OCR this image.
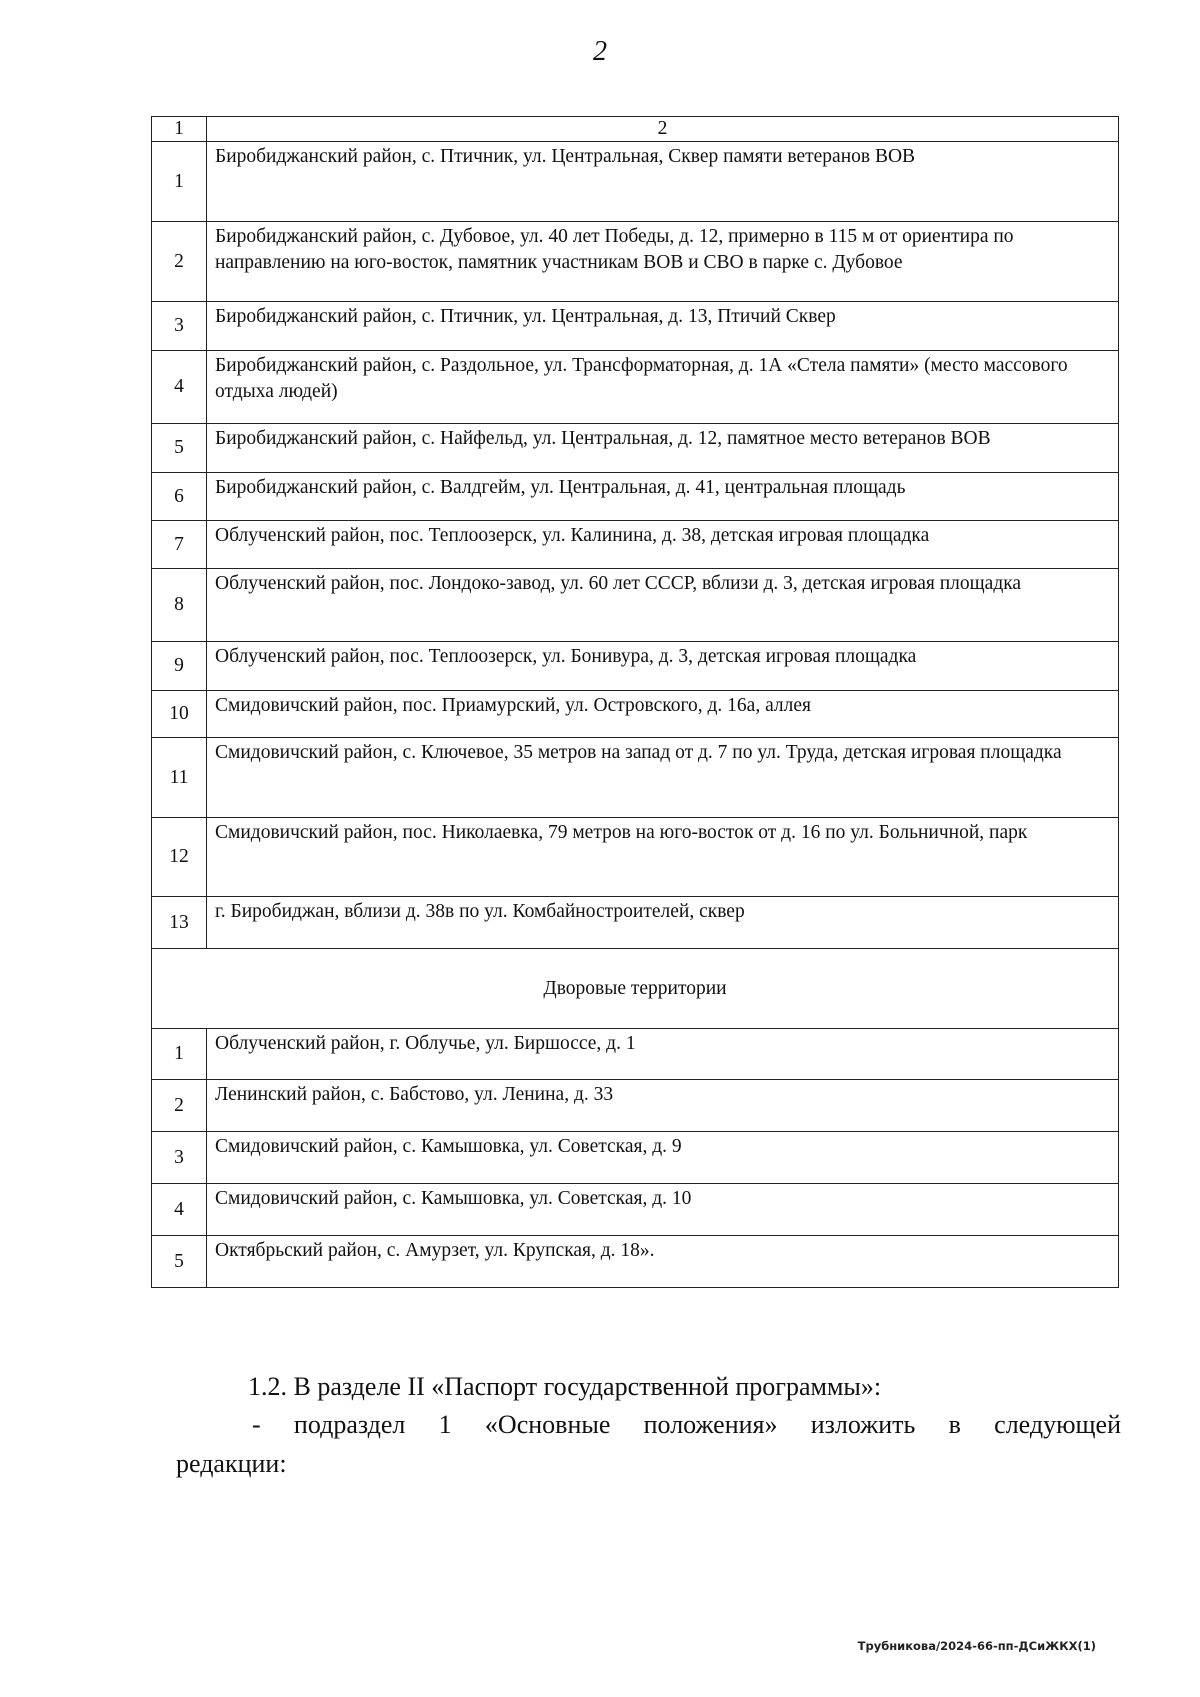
2
1	2
1	Биробиджанский район, с. Птичник, ул. Центральная, Сквер памяти ветеранов ВОВ
2	Биробиджанский район, с. Дубовое, ул. 40 лет Победы, д. 12, примерно в 115 м от ориентира по направлению на юго-восток, памятник участникам ВОВ и СВО в парке с. Дубовое
3	Биробиджанский район, с. Птичник, ул. Центральная, д. 13, Птичий Сквер
4	Биробиджанский район, с. Раздольное, ул. Трансформаторная, д. 1А «Стела памяти» (место массового отдыха людей)
5	Биробиджанский район, с. Найфельд, ул. Центральная, д. 12, памятное место ветеранов ВОВ
6	Биробиджанский район, с. Валдгейм, ул. Центральная, д. 41, центральная площадь
7	Облученский район, пос. Теплоозерск, ул. Калинина, д. 38, детская игровая площадка
8	Облученский район, пос. Лондоко-завод, ул. 60 лет СССР, вблизи д. 3, детская игровая площадка
9	Облученский район, пос. Теплоозерск, ул. Бонивура, д. 3, детская игровая площадка
10	Смидовичский район, пос. Приамурский, ул. Островского, д. 16а, аллея
11	Смидовичский район, с. Ключевое, 35 метров на запад от д. 7 по ул. Труда, детская игровая площадка
12	Смидовичский район, пос. Николаевка, 79 метров на юго-восток от д. 16 по ул. Больничной, парк
13	г. Биробиджан, вблизи д. 38в по ул. Комбайностроителей, сквер
Дворовые территории	
1	Облученский район, г. Облучье, ул. Биршоссе, д. 1
2	Ленинский район, с. Бабстово, ул. Ленина, д. 33
3	Смидовичский район, с. Камышовка, ул. Советская, д. 9
4	Смидовичский район, с. Камышовка, ул. Советская, д. 10
5	Октябрьский район, с. Амурзет, ул. Крупская, д. 18».
1.2. В разделе II «Паспорт государственной программы»:
- подраздел 1 «Основные положения» изложить в следующей
редакции:
Трубникова/2024-66-пп-ДСиЖКХ(1)
